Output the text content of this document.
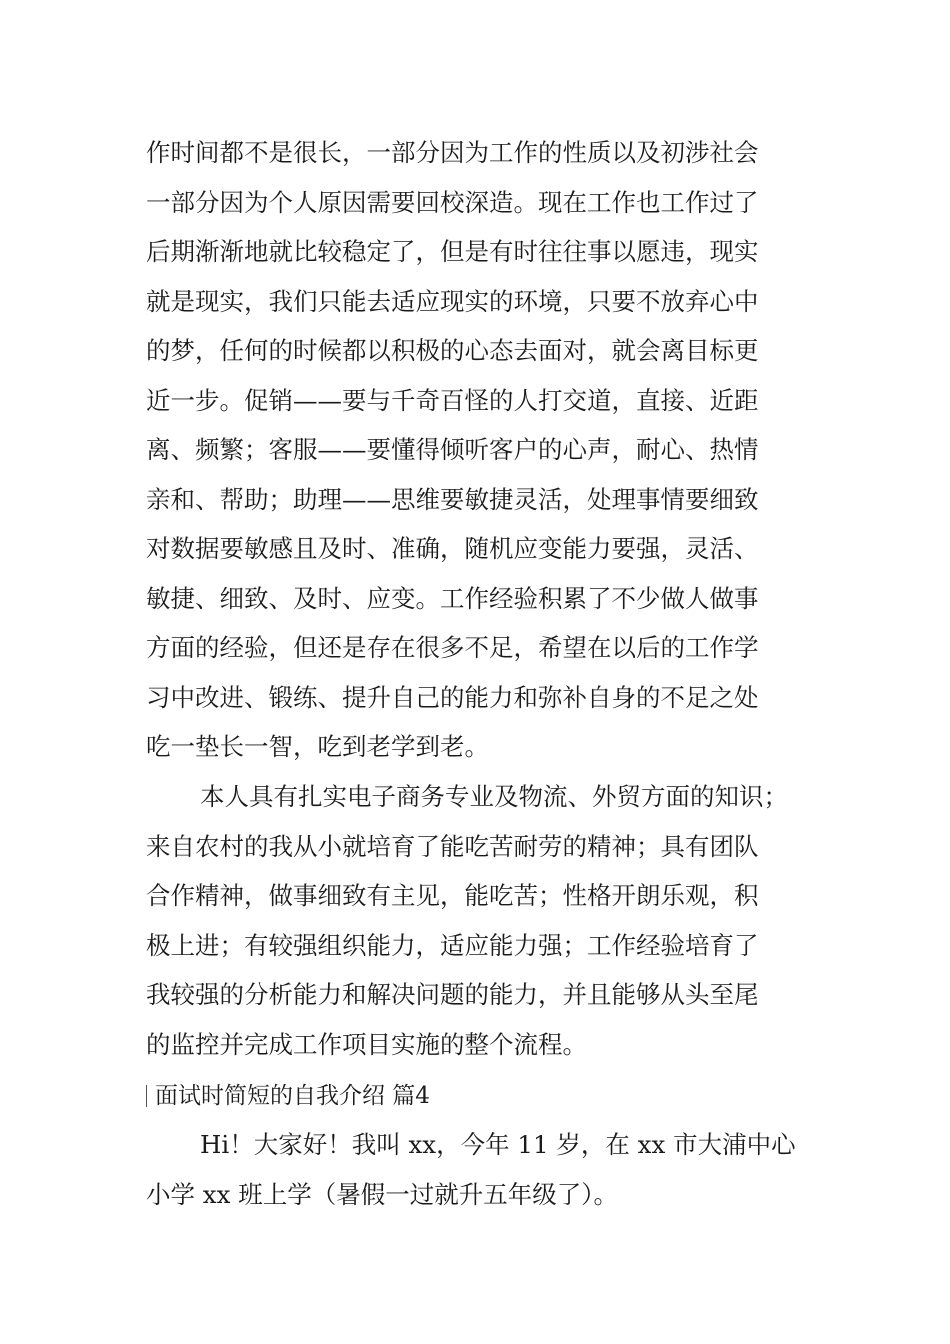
作时间都不是很长，一部分因为工作的性质以及初涉社会
一部分因为个人原因需要回校深造。现在工作也工作过了
后期渐渐地就比较稳定了，但是有时往往事以愿违，现实
就是现实，我们只能去适应现实的环境，只要不放弃心中
的梦，任何的时候都以积极的心态去面对，就会离目标更
近一步。促销——要与千奇百怪的人打交道，直接、近距
离、频繁；客服——要懂得倾听客户的心声，耐心、热情
亲和、帮助；助理——思维要敏捷灵活，处理事情要细致
对数据要敏感且及时、准确，随机应变能力要强，灵活、
敏捷、细致、及时、应变。工作经验积累了不少做人做事
方面的经验，但还是存在很多不足，希望在以后的工作学
习中改进、锻练、提升自己的能力和弥补自身的不足之处
吃一垫长一智，吃到老学到老。
本人具有扎实电子商务专业及物流、外贸方面的知识；
来自农村的我从小就培育了能吃苦耐劳的精神；具有团队
合作精神，做事细致有主见，能吃苦；性格开朗乐观，积
极上进；有较强组织能力，适应能力强；工作经验培育了
我较强的分析能力和解决问题的能力，并且能够从头至尾
的监控并完成工作项目实施的整个流程。
面试时简短的自我介绍 篇4
Hi！大家好！我叫 xx，今年 11 岁，在 xx 市大浦中心
小学 xx 班上学（暑假一过就升五年级了）。
